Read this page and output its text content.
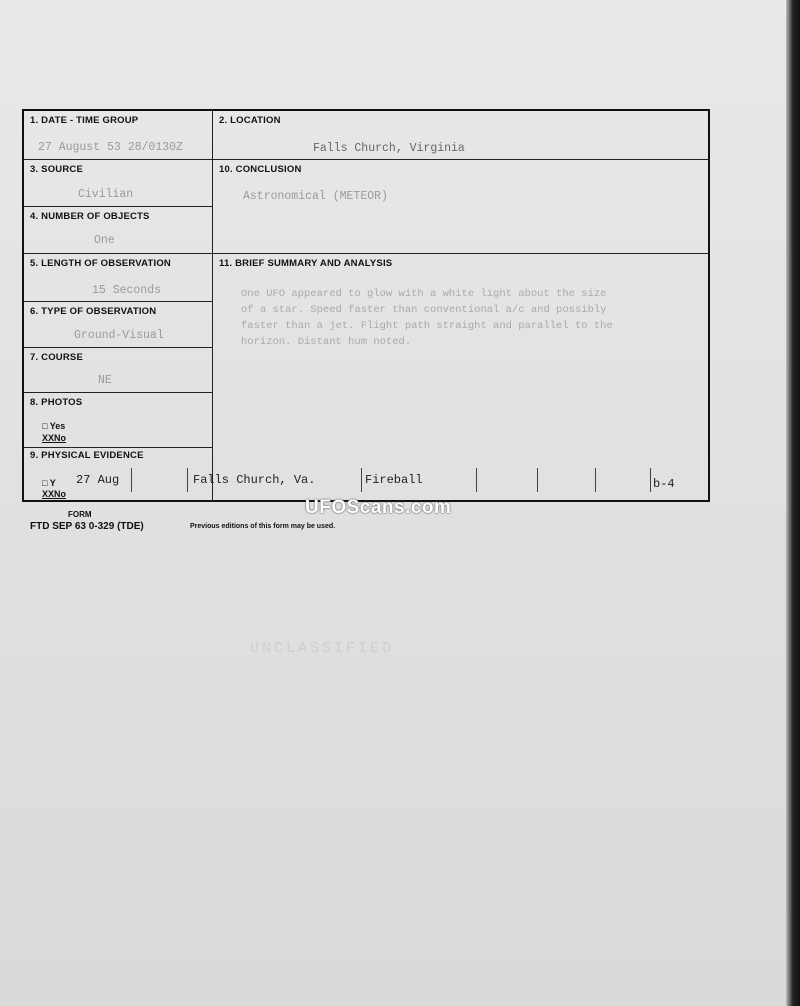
1. DATE - TIME GROUP
27 August 53 28/0130Z
2. LOCATION
Falls Church, Virginia
3. SOURCE
Civilian
4. NUMBER OF OBJECTS
One
5. LENGTH OF OBSERVATION
15 Seconds
6. TYPE OF OBSERVATION
Ground-Visual
7. COURSE
NE
8. PHOTOS
□ Yes
XXNo
9. PHYSICAL EVIDENCE
□ Y
XXNo
10. CONCLUSION
Astronomical (METEOR)
11. BRIEF SUMMARY AND ANALYSIS
One UFO appeared to glow with a white light about the size
of a star. Speed faster than conventional a/c and possibly
faster than a jet. Flight path straight and parallel to the
horizon. Distant hum noted.
27 Aug	Falls Church, Va.	Fireball	b-4
UFOScans.com
FORM
FTD SEP 63 0-329 (TDE)	Previous editions of this form may be used.
UNCLASSIFIED
